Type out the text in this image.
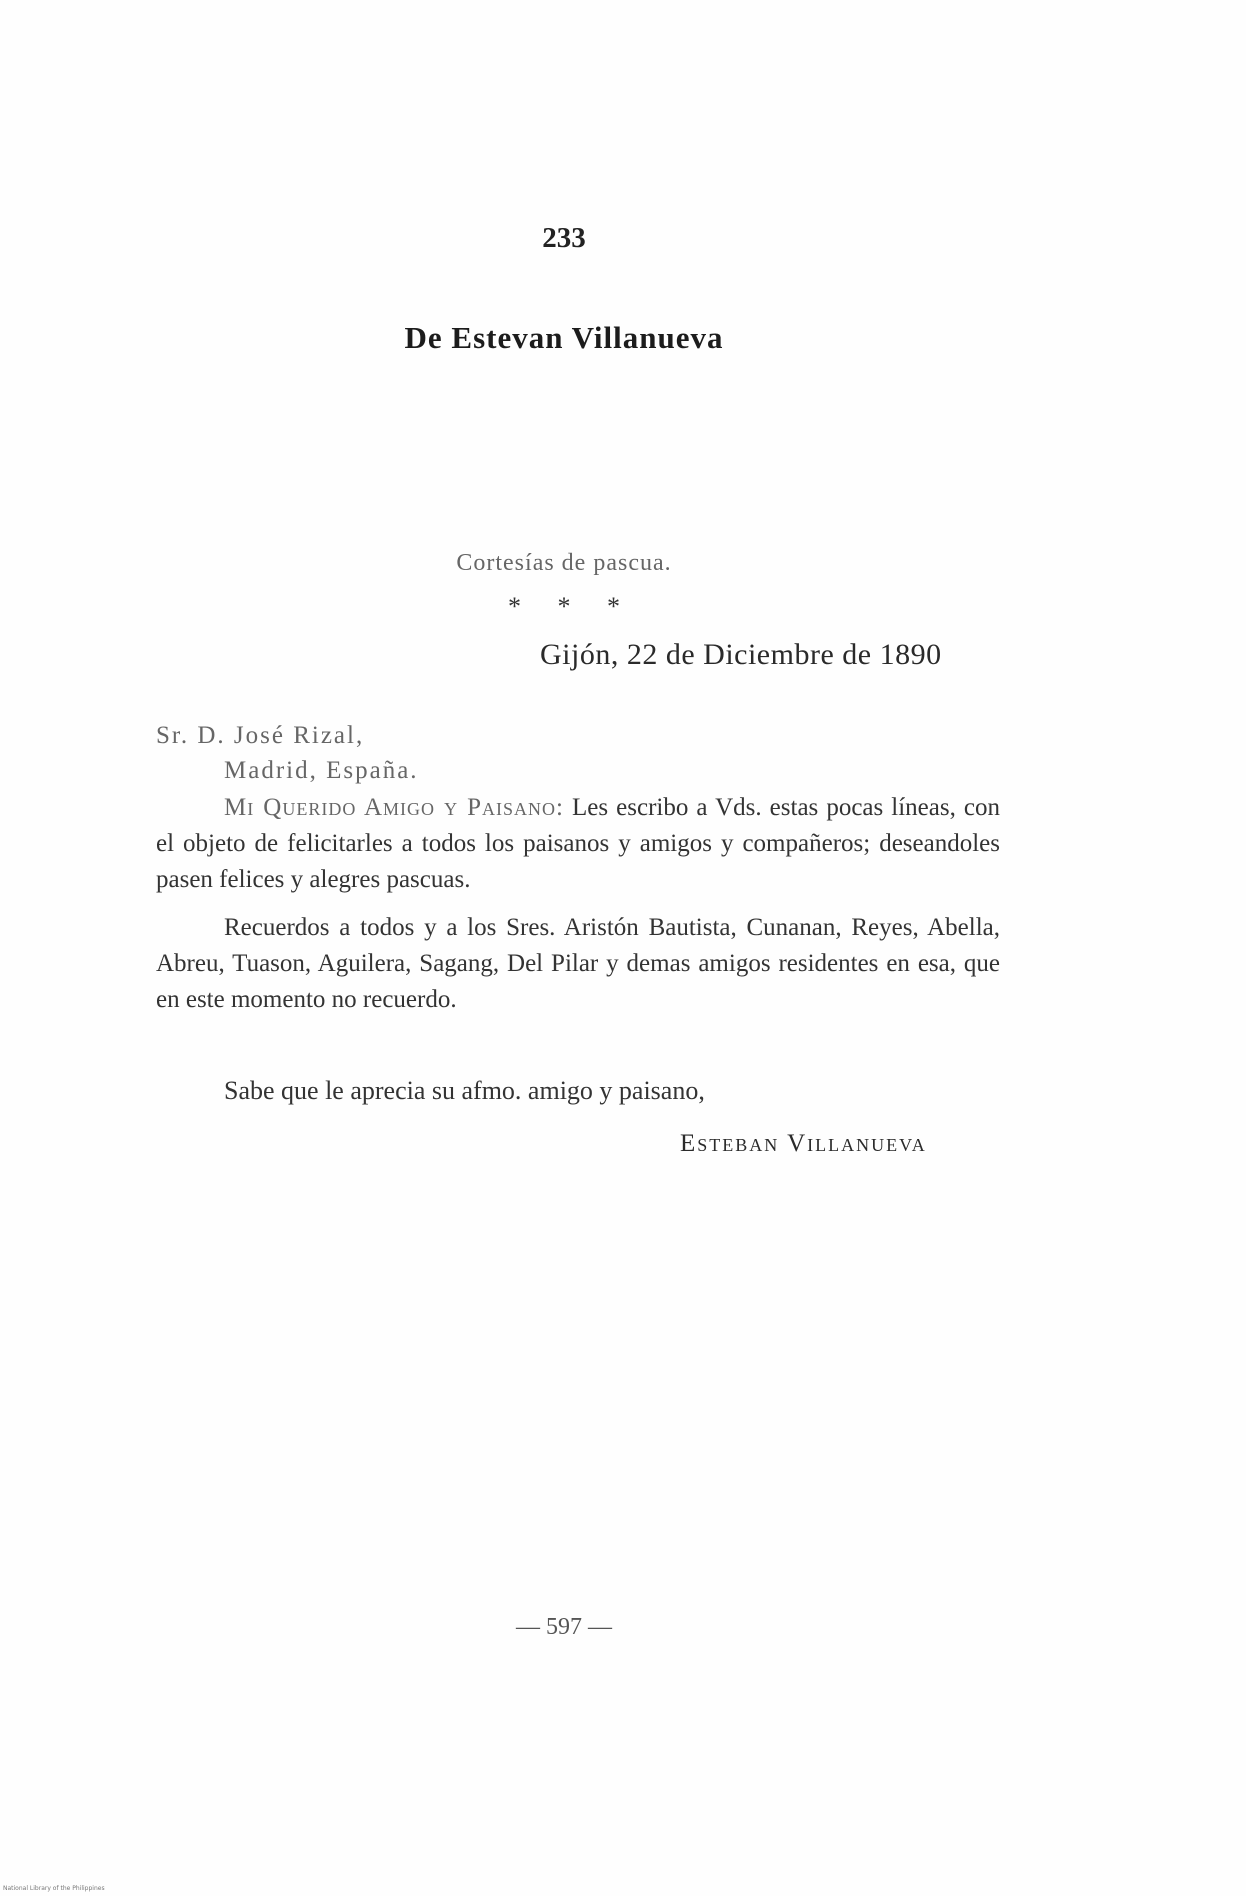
233
De Estevan Villanueva
Cortesías de pascua.
* * *
Gijón, 22 de Diciembre de 1890
Sr. D. José Rizal,
Madrid, España.

Mi Querido Amigo y Paisano: Les escribo a Vds. estas pocas líneas, con el objeto de felicitarles a todos los paisanos y amigos y compañeros; deseandoles pasen felices y alegres pascuas.

Recuerdos a todos y a los Sres. Aristón Bautista, Cunanan, Reyes, Abella, Abreu, Tuason, Aguilera, Sagang, Del Pilar y demas amigos residentes en esa, que en este momento no recuerdo.

Sabe que le aprecia su afmo. amigo y paisano,
Esteban Villanueva
— 597 —
National Library of the Philippines
